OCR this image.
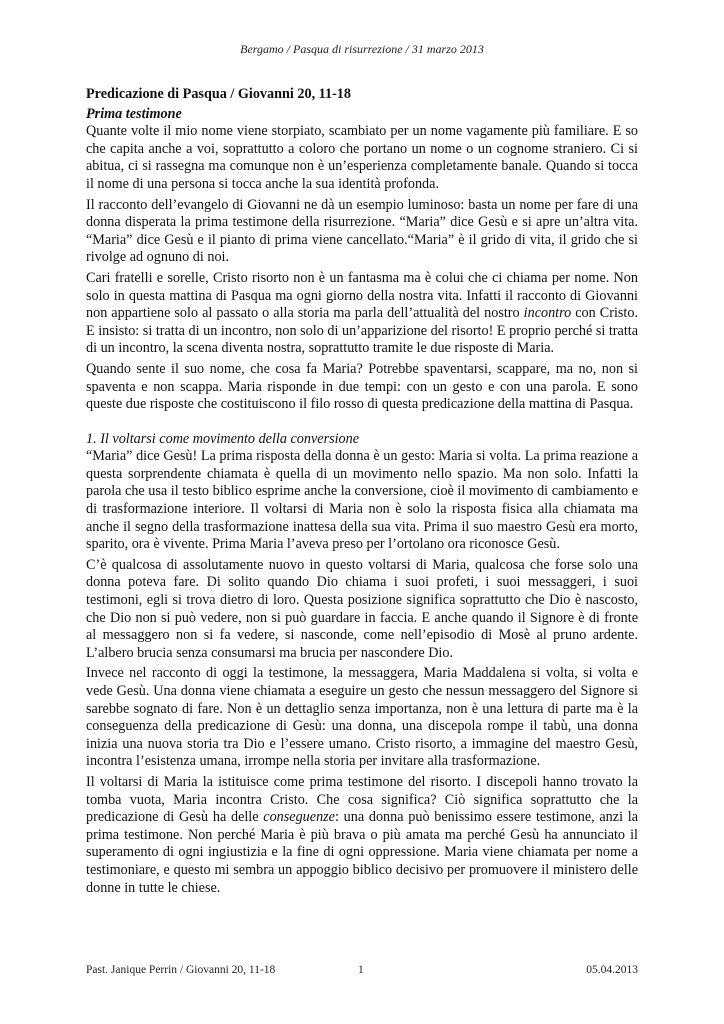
Bergamo / Pasqua di risurrezione / 31 marzo 2013
Predicazione di Pasqua / Giovanni 20, 11-18
Prima testimone

Quante volte il mio nome viene storpiato, scambiato per un nome vagamente più familiare. E so che capita anche a voi, soprattutto a coloro che portano un nome o un cognome straniero. Ci si abitua, ci si rassegna ma comunque non è un’esperienza completamente banale. Quando si tocca il nome di una persona si tocca anche la sua identità profonda.

Il racconto dell’evangelo di Giovanni ne dà un esempio luminoso: basta un nome per fare di una donna disperata la prima testimone della risurrezione. “Maria” dice Gesù e si apre un’altra vita. “Maria” dice Gesù e il pianto di prima viene cancellato.“Maria” è il grido di vita, il grido che si rivolge ad ognuno di noi.

Cari fratelli e sorelle, Cristo risorto non è un fantasma ma è colui che ci chiama per nome. Non solo in questa mattina di Pasqua ma ogni giorno della nostra vita. Infatti il racconto di Giovanni non appartiene solo al passato o alla storia ma parla dell’attualità del nostro incontro con Cristo. E insisto: si tratta di un incontro, non solo di un’apparizione del risorto! E proprio perché si tratta di un incontro, la scena diventa nostra, soprattutto tramite le due risposte di Maria.

Quando sente il suo nome, che cosa fa Maria? Potrebbe spaventarsi, scappare, ma no, non si spaventa e non scappa. Maria risponde in due tempi: con un gesto e con una parola. E sono queste due risposte che costituiscono il filo rosso di questa predicazione della mattina di Pasqua.

1. Il voltarsi come movimento della conversione

“Maria” dice Gesù! La prima risposta della donna è un gesto: Maria si volta. La prima reazione a questa sorprendente chiamata è quella di un movimento nello spazio. Ma non solo. Infatti la parola che usa il testo biblico esprime anche la conversione, cioè il movimento di cambiamento e di trasformazione interiore. Il voltarsi di Maria non è solo la risposta fisica alla chiamata ma anche il segno della trasformazione inattesa della sua vita. Prima il suo maestro Gesù era morto, sparito, ora è vivente. Prima Maria l’aveva preso per l’ortolano ora riconosce Gesù.

C’è qualcosa di assolutamente nuovo in questo voltarsi di Maria, qualcosa che forse solo una donna poteva fare. Di solito quando Dio chiama i suoi profeti, i suoi messaggeri, i suoi testimoni, egli si trova dietro di loro. Questa posizione significa soprattutto che Dio è nascosto, che Dio non si può vedere, non si può guardare in faccia. E anche quando il Signore è di fronte al messaggero non si fa vedere, si nasconde, come nell’episodio di Mosè al pruno ardente. L’albero brucia senza consumarsi ma brucia per nascondere Dio.

Invece nel racconto di oggi la testimone, la messaggera, Maria Maddalena si volta, si volta e vede Gesù. Una donna viene chiamata a eseguire un gesto che nessun messaggero del Signore si sarebbe sognato di fare. Non è un dettaglio senza importanza, non è una lettura di parte ma è la conseguenza della predicazione di Gesù: una donna, una discepola rompe il tabù, una donna inizia una nuova storia tra Dio e l’essere umano. Cristo risorto, a immagine del maestro Gesù, incontra l’esistenza umana, irrompe nella storia per invitare alla trasformazione.

Il voltarsi di Maria la istituisce come prima testimone del risorto. I discepoli hanno trovato la tomba vuota, Maria incontra Cristo. Che cosa significa? Ciò significa soprattutto che la predicazione di Gesù ha delle conseguenze: una donna può benissimo essere testimone, anzi la prima testimone. Non perché Maria è più brava o più amata ma perché Gesù ha annunciato il superamento di ogni ingiustizia e la fine di ogni oppressione. Maria viene chiamata per nome a testimoniare, e questo mi sembra un appoggio biblico decisivo per promuovere il ministero delle donne in tutte le chiese.

Past. Janique Perrin / Giovanni 20, 11-18	1	05.04.2013
